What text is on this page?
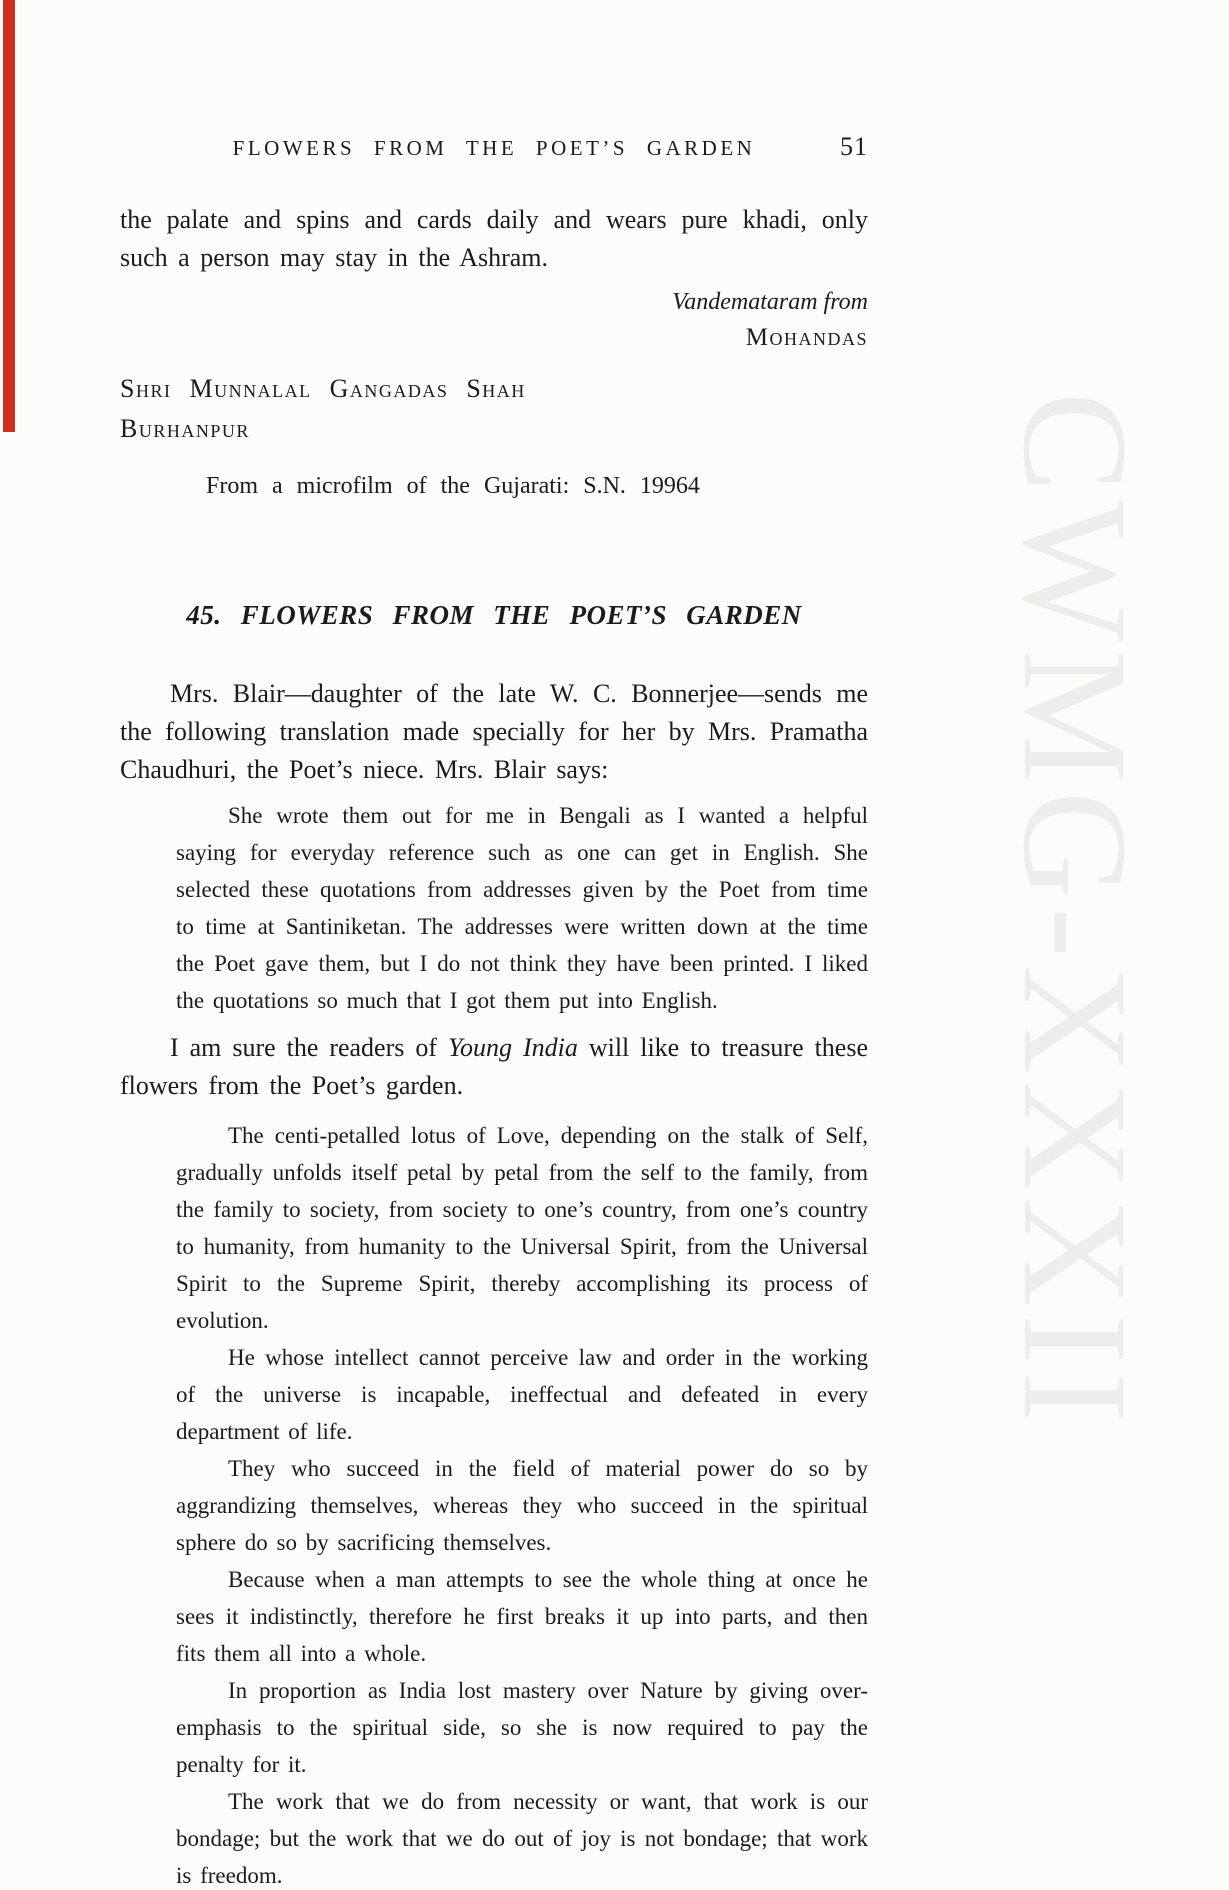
CWMG-XXXII
FLOWERS FROM THE POET’S GARDEN	51

the palate and spins and cards daily and wears pure khadi, only such a person may stay in the Ashram.

Vandemataram from
Mohandas
Shri Munnalal Gangadas Shah
Burhanpur
From a microfilm of the Gujarati: S.N. 19964
45. FLOWERS FROM THE POET’S GARDEN

Mrs. Blair—daughter of the late W. C. Bonnerjee—sends me the following translation made specially for her by Mrs. Pramatha Chaudhuri, the Poet’s niece. Mrs. Blair says:

She wrote them out for me in Bengali as I wanted a helpful saying for everyday reference such as one can get in English. She selected these quotations from addresses given by the Poet from time to time at Santiniketan. The addresses were written down at the time the Poet gave them, but I do not think they have been printed. I liked the quotations so much that I got them put into English.

I am sure the readers of Young India will like to treasure these flowers from the Poet’s garden.

The centi-petalled lotus of Love, depending on the stalk of Self, gradually unfolds itself petal by petal from the self to the family, from the family to society, from society to one’s country, from one’s country to humanity, from humanity to the Universal Spirit, from the Universal Spirit to the Supreme Spirit, thereby accomplishing its process of evolution.

He whose intellect cannot perceive law and order in the working of the universe is incapable, ineffectual and defeated in every department of life.

They who succeed in the field of material power do so by aggrandizing themselves, whereas they who succeed in the spiritual sphere do so by sacrificing themselves.

Because when a man attempts to see the whole thing at once he sees it indistinctly, therefore he first breaks it up into parts, and then fits them all into a whole.

In proportion as India lost mastery over Nature by giving over-emphasis to the spiritual side, so she is now required to pay the penalty for it.

The work that we do from necessity or want, that work is our bondage; but the work that we do out of joy is not bondage; that work is freedom.
